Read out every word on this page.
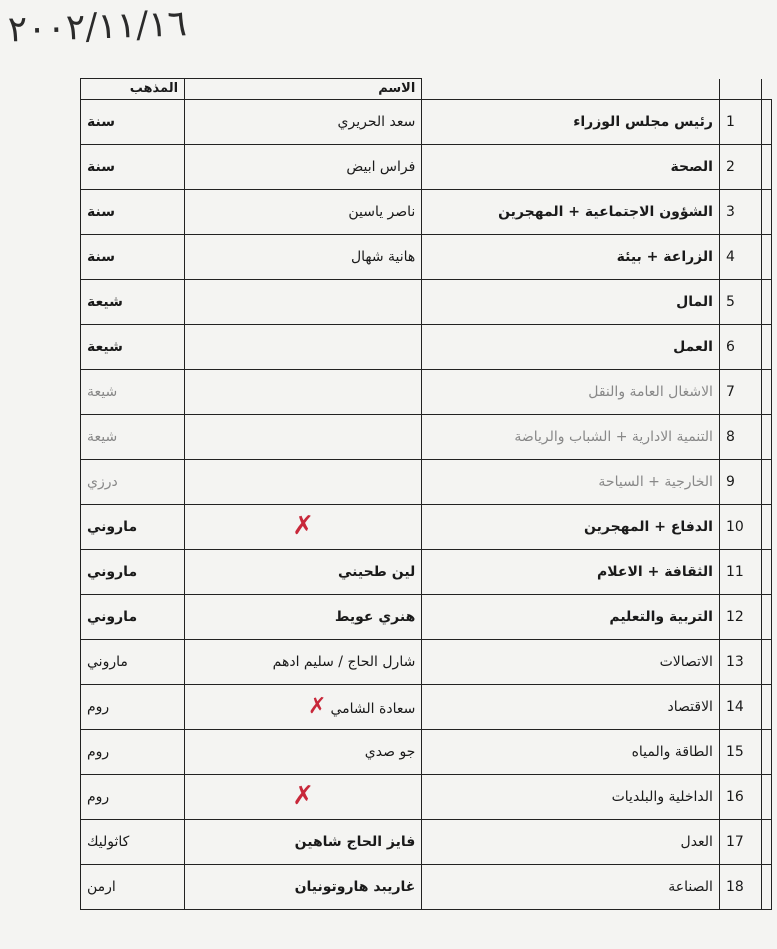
٢٠٠٢/١١/١٦
المذهب	الاسم			

سنة	سعد الحريري	رئيس مجلس الوزراء	1	

سنة	فراس ابيض	الصحة	2	

سنة	ناصر ياسين	الشؤون الاجتماعية + المهجرين	3	

سنة	هانية شهال	الزراعة + بيئة	4	

شيعة		المال	5	

شيعة		العمل	6	

شيعة		الاشغال العامة والنقل	7	

شيعة		التنمية الادارية + الشباب والرياضة	8	

درزي		الخارجية + السياحة	9	

ماروني	✗	الدفاع + المهجرين	10	

ماروني	لين طحيني	الثقافة + الاعلام	11	

ماروني	هنري عويط	التربية والتعليم	12	

ماروني	شارل الحاج / سليم ادهم	الاتصالات	13	

روم	سعادة الشامي✗	الاقتصاد	14	

روم	جو صدي	الطاقة والمياه	15	

روم	✗	الداخلية والبلديات	16	

كاثوليك	فايز الحاج شاهين	العدل	17	

ارمن	غاريبد هاروتونيان	الصناعة	18	
